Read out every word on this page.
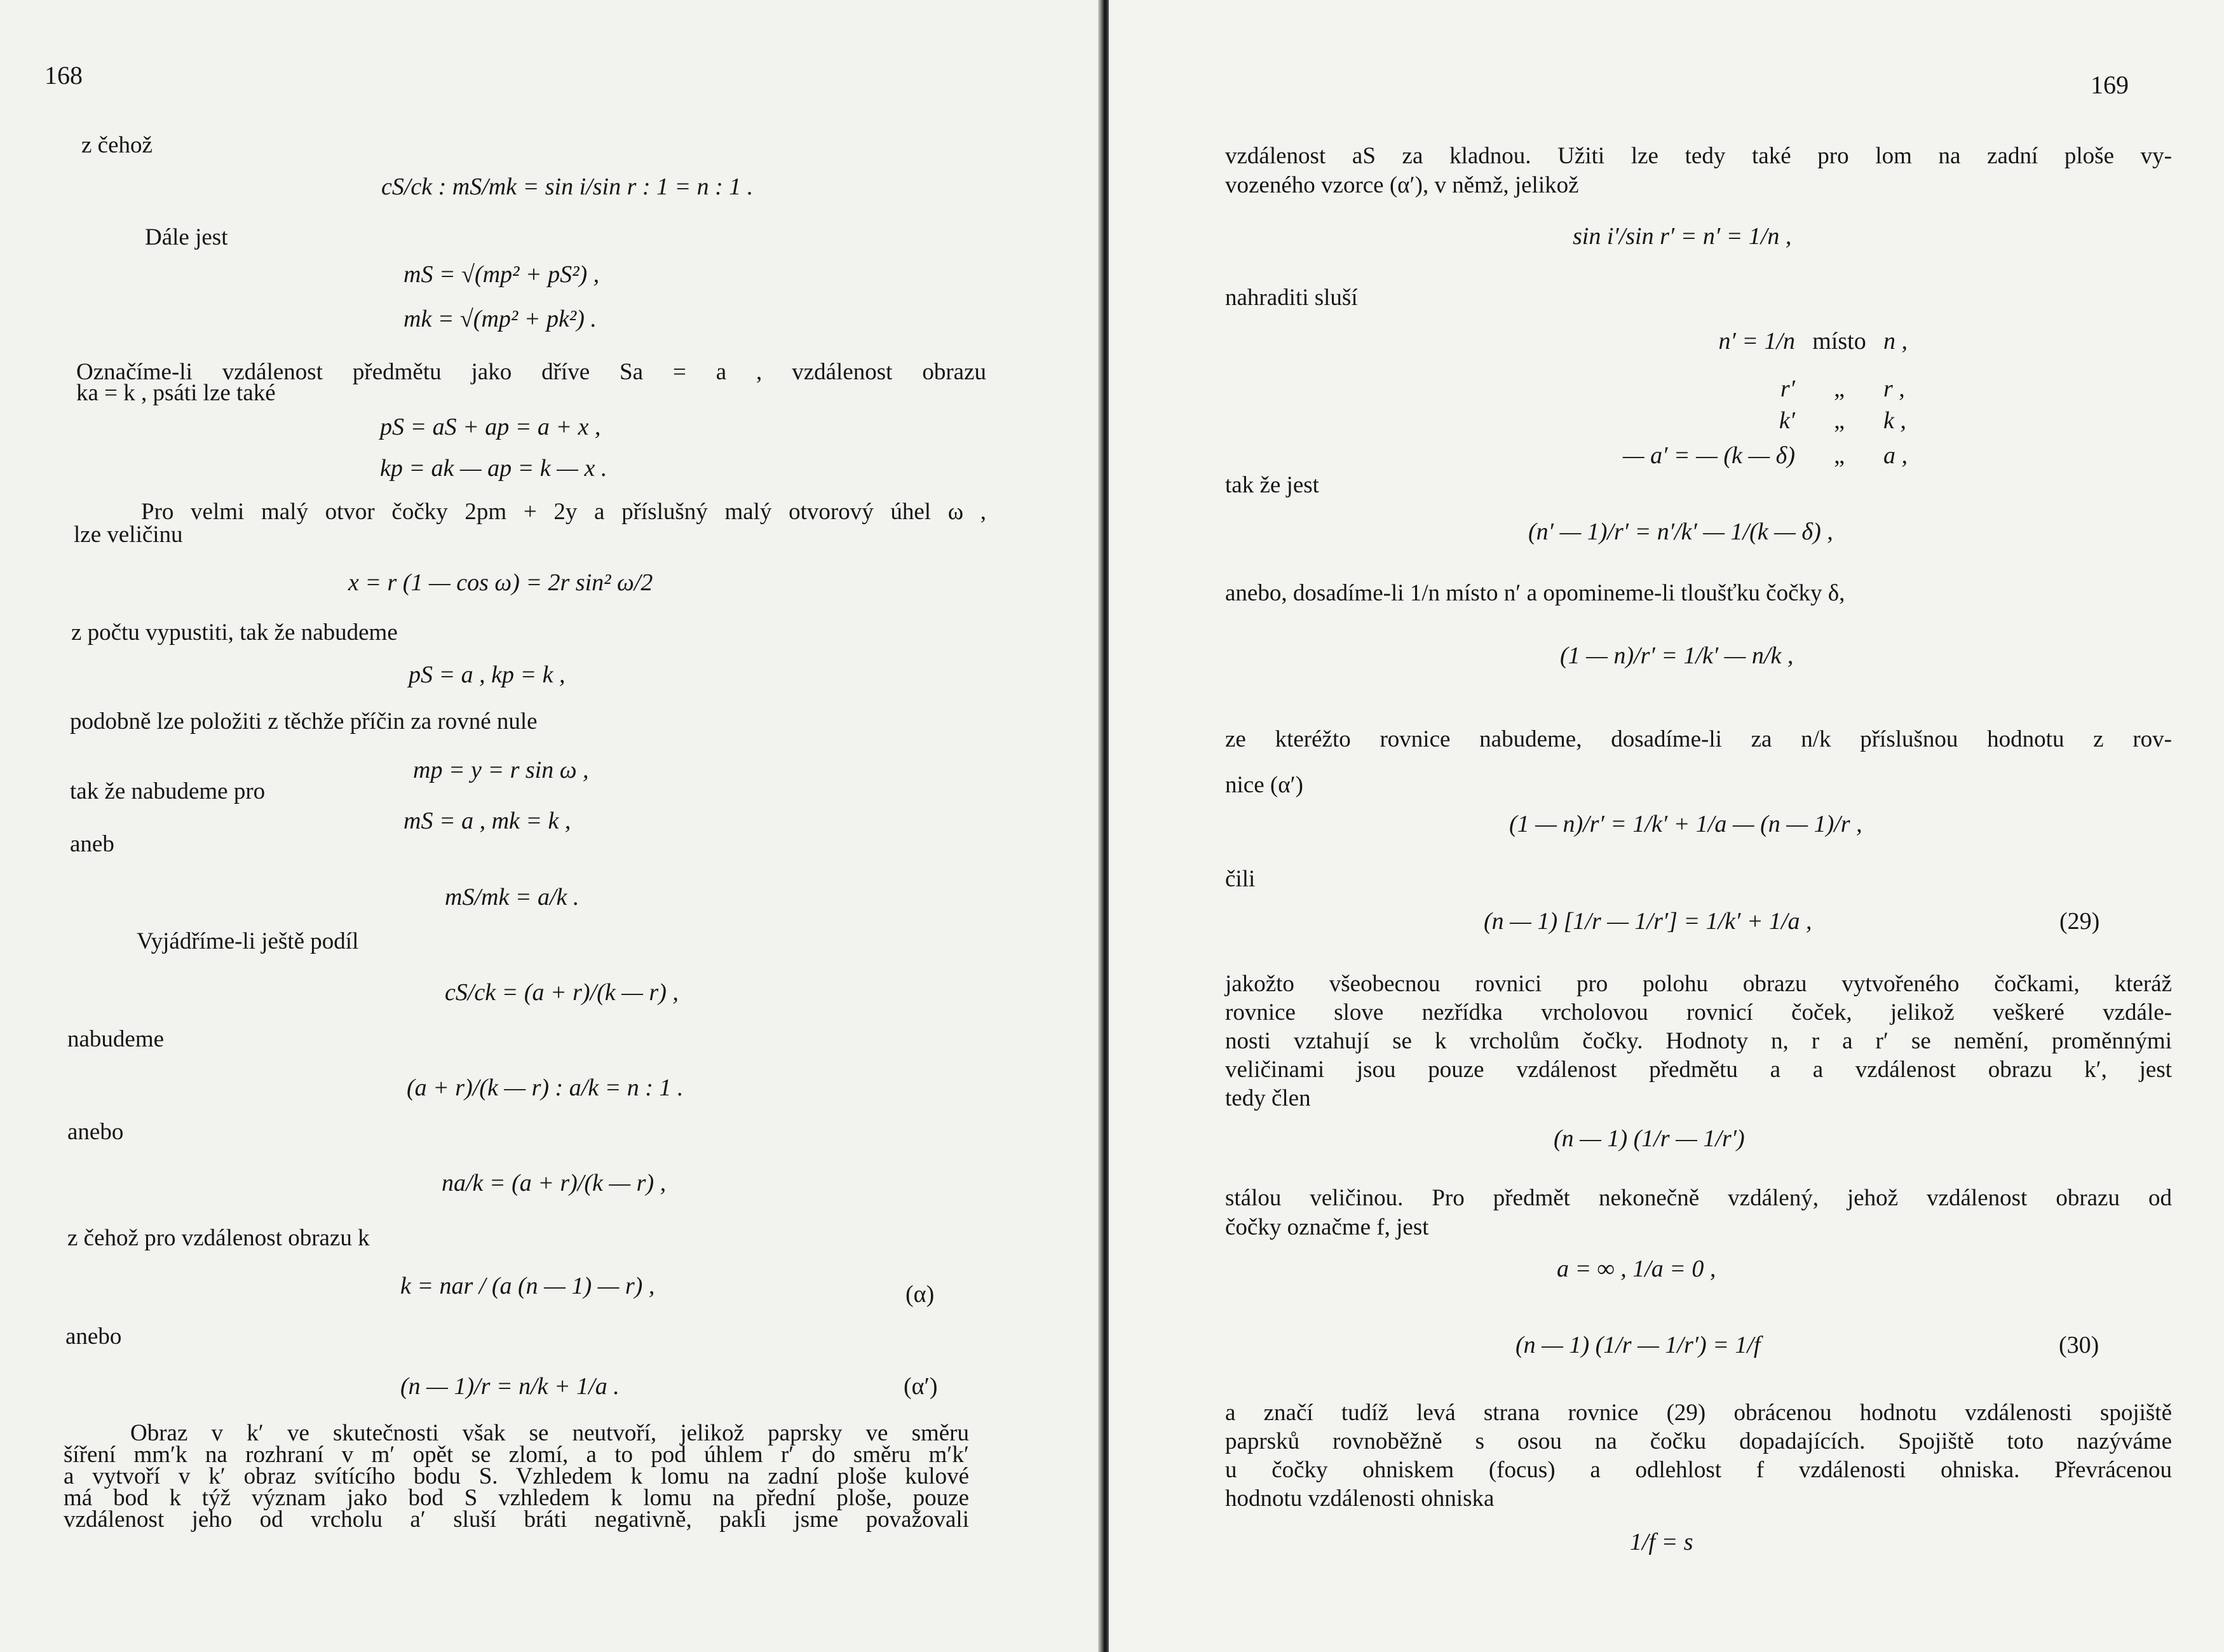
168
z čehož
cS/ck : mS/mk = sin i/sin r : 1 = n : 1 .
Dále jest
mS = √(mp² + pS²) ,
mk = √(mp² + pk²) .
Označíme-li vzdálenost předmětu jako dříve Sa = a , vzdálenost obrazu
ka = k , psáti lze také
pS = aS + ap = a + x ,
kp = ak — ap = k — x .
Pro velmi malý otvor čočky 2pm + 2y a příslušný malý otvorový úhel ω ,
lze veličinu
x = r (1 — cos ω) = 2r sin² ω/2
z počtu vypustiti, tak že nabudeme
pS = a , kp = k ,
podobně lze položiti z těchže příčin za rovné nule
mp = y = r sin ω ,
tak že nabudeme pro
mS = a , mk = k ,
aneb
mS/mk = a/k .
Vyjádříme-li ještě podíl
cS/ck = (a + r)/(k — r) ,
nabudeme
(a + r)/(k — r) : a/k = n : 1 .
anebo
na/k = (a + r)/(k — r) ,
z čehož pro vzdálenost obrazu k
k = nar / (a (n — 1) — r) ,	(α)
anebo
(n — 1)/r = n/k + 1/a .	(α′)
Obraz v k′ ve skutečnosti však se neutvoří, jelikož paprsky ve směru
šíření mm′k na rozhraní v m′ opět se zlomí, a to pod úhlem r′ do směru m′k′
a vytvoří v k′ obraz svítícího bodu S. Vzhledem k lomu na zadní ploše kulové
má bod k týž význam jako bod S vzhledem k lomu na přední ploše, pouze
vzdálenost jeho od vrcholu a′ sluší bráti negativně, pakli jsme považovali
169
vzdálenost aS za kladnou. Užiti lze tedy také pro lom na zadní ploše vy-
vozeného vzorce (α′), v němž, jelikož
sin i′/sin r′ = n′ = 1/n ,
nahraditi sluší
n′ = 1/n místo n ,
r′ „ r ,
k′ „ k ,
— a′ = — (k — δ) „ a ,
tak že jest
(n′ — 1)/r′ = n′/k′ — 1/(k — δ) ,
anebo, dosadíme-li 1/n místo n′ a opomineme-li tloušťku čočky δ,
(1 — n)/r′ = 1/k′ — n/k ,
ze kteréžto rovnice nabudeme, dosadíme-li za n/k příslušnou hodnotu z rov-
nice (α′)
(1 — n)/r′ = 1/k′ + 1/a — (n — 1)/r ,
čili
(n — 1) [1/r — 1/r′] = 1/k′ + 1/a ,	(29)
jakožto všeobecnou rovnici pro polohu obrazu vytvořeného čočkami, kteráž
rovnice slove nezřídka vrcholovou rovnicí čoček, jelikož veškeré vzdále-
nosti vztahují se k vrcholům čočky. Hodnoty n, r a r′ se nemění, proměnnými
veličinami jsou pouze vzdálenost předmětu a a vzdálenost obrazu k′, jest
tedy člen
(n — 1) (1/r — 1/r′)
stálou veličinou. Pro předmět nekonečně vzdálený, jehož vzdálenost obrazu od
čočky označme f, jest
a = ∞ , 1/a = 0 ,
(n — 1) (1/r — 1/r′) = 1/f	(30)
a značí tudíž levá strana rovnice (29) obrácenou hodnotu vzdálenosti spojiště
paprsků rovnoběžně s osou na čočku dopadajících. Spojiště toto nazýváme
u čočky ohniskem (focus) a odlehlost f vzdálenosti ohniska. Převrácenou
hodnotu vzdálenosti ohniska
1/f = s
